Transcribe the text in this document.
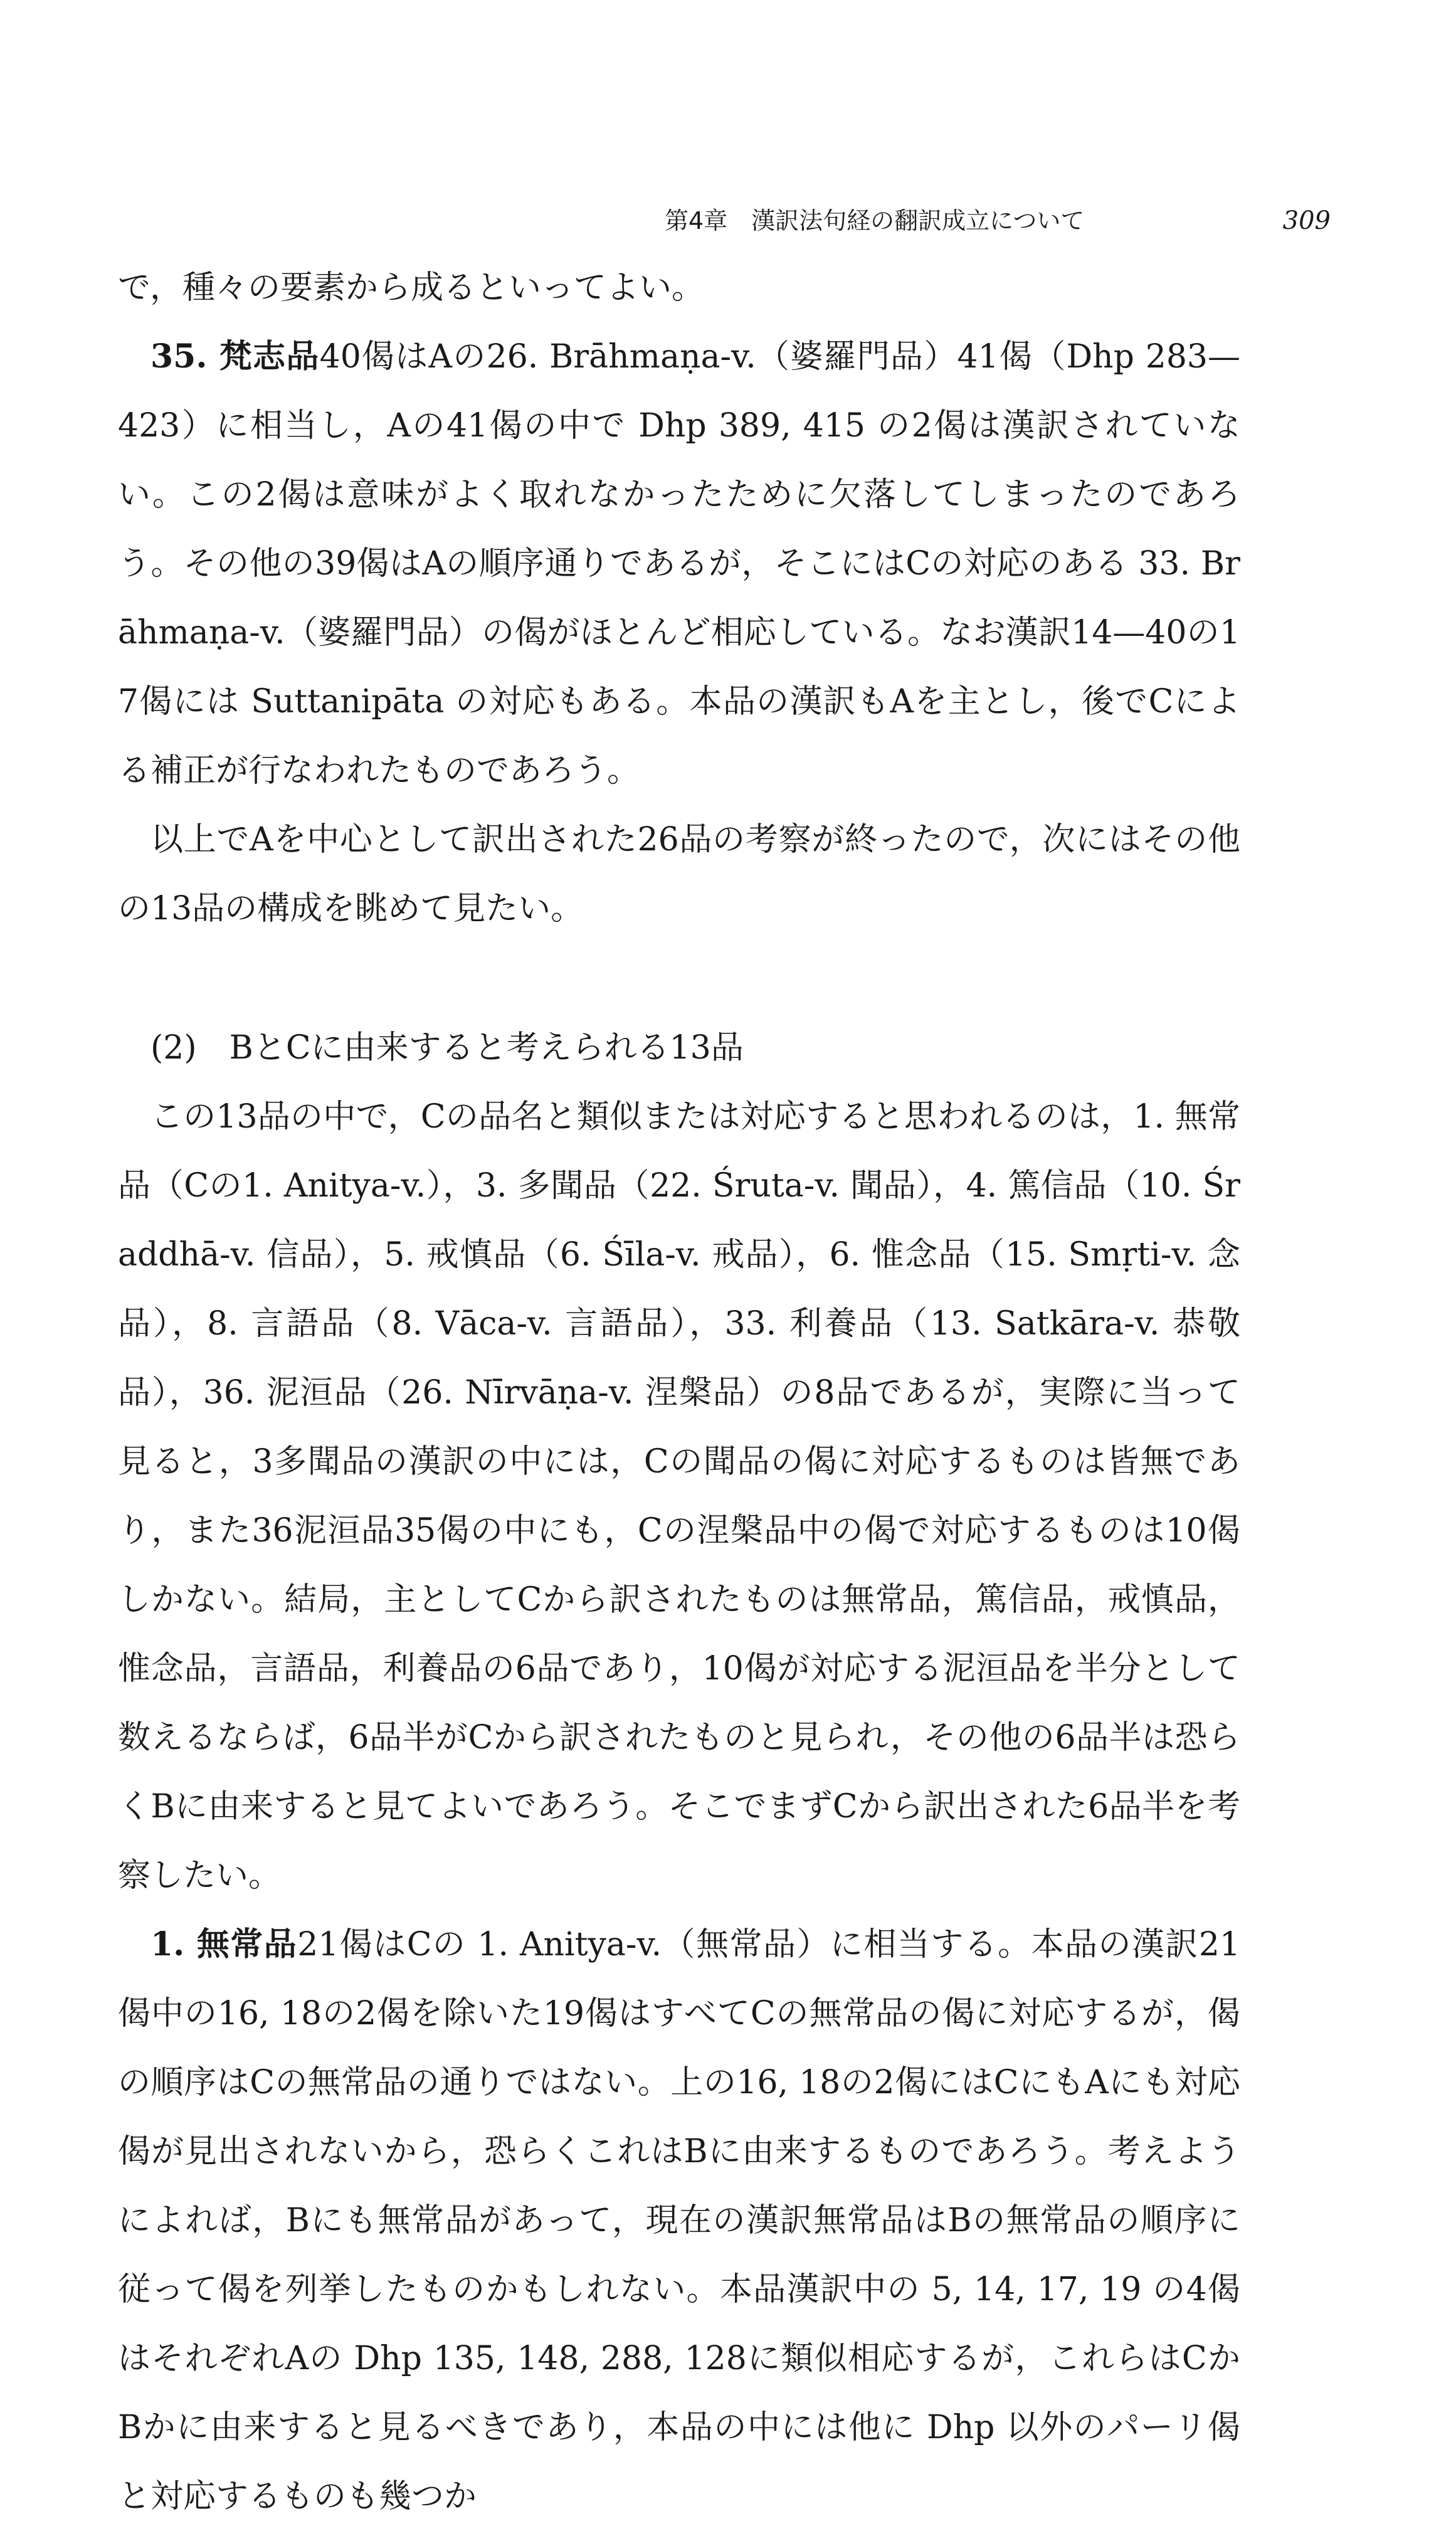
第4章　漢訳法句経の翻訳成立について	309

で，種々の要素から成るといってよい。

35. 梵志品40偈はAの26. Brāhmaṇa-v.（婆羅門品）41偈（Dhp 283—423）に相当し，Aの41偈の中で Dhp 389, 415 の2偈は漢訳されていない。この2偈は意味がよく取れなかったために欠落してしまったのであろう。その他の39偈はAの順序通りであるが，そこにはCの対応のある 33. Brāhmaṇa-v.（婆羅門品）の偈がほとんど相応している。なお漢訳14—40の17偈には Suttanipāta の対応もある。本品の漢訳もAを主とし，後でCによる補正が行なわれたものであろう。

以上でAを中心として訳出された26品の考察が終ったので，次にはその他の13品の構成を眺めて見たい。

(2)　BとCに由来すると考えられる13品

この13品の中で，Cの品名と類似または対応すると思われるのは，1. 無常品（Cの1. Anitya-v.），3. 多聞品（22. Śruta-v. 聞品），4. 篤信品（10. Śraddhā-v. 信品），5. 戒慎品（6. Śīla-v. 戒品），6. 惟念品（15. Smṛti-v. 念品），8. 言語品（8. Vāca-v. 言語品），33. 利養品（13. Satkāra-v. 恭敬品），36. 泥洹品（26. Nīrvāṇa-v. 涅槃品）の8品であるが，実際に当って見ると，3多聞品の漢訳の中には，Cの聞品の偈に対応するものは皆無であり，また36泥洹品35偈の中にも，Cの涅槃品中の偈で対応するものは10偈しかない。結局，主としてCから訳されたものは無常品，篤信品，戒慎品，惟念品，言語品，利養品の6品であり，10偈が対応する泥洹品を半分として数えるならば，6品半がCから訳されたものと見られ，その他の6品半は恐らくBに由来すると見てよいであろう。そこでまずCから訳出された6品半を考察したい。

1. 無常品21偈はCの 1. Anitya-v.（無常品）に相当する。本品の漢訳21偈中の16, 18の2偈を除いた19偈はすべてCの無常品の偈に対応するが，偈の順序はCの無常品の通りではない。上の16, 18の2偈にはCにもAにも対応偈が見出されないから，恐らくこれはBに由来するものであろう。考えようによれば，Bにも無常品があって，現在の漢訳無常品はBの無常品の順序に従って偈を列挙したものかもしれない。本品漢訳中の 5, 14, 17, 19 の4偈はそれぞれAの Dhp 135, 148, 288, 128に類似相応するが，これらはCかBかに由来すると見るべきであり，本品の中には他に Dhp 以外のパーリ偈と対応するものも幾つか
